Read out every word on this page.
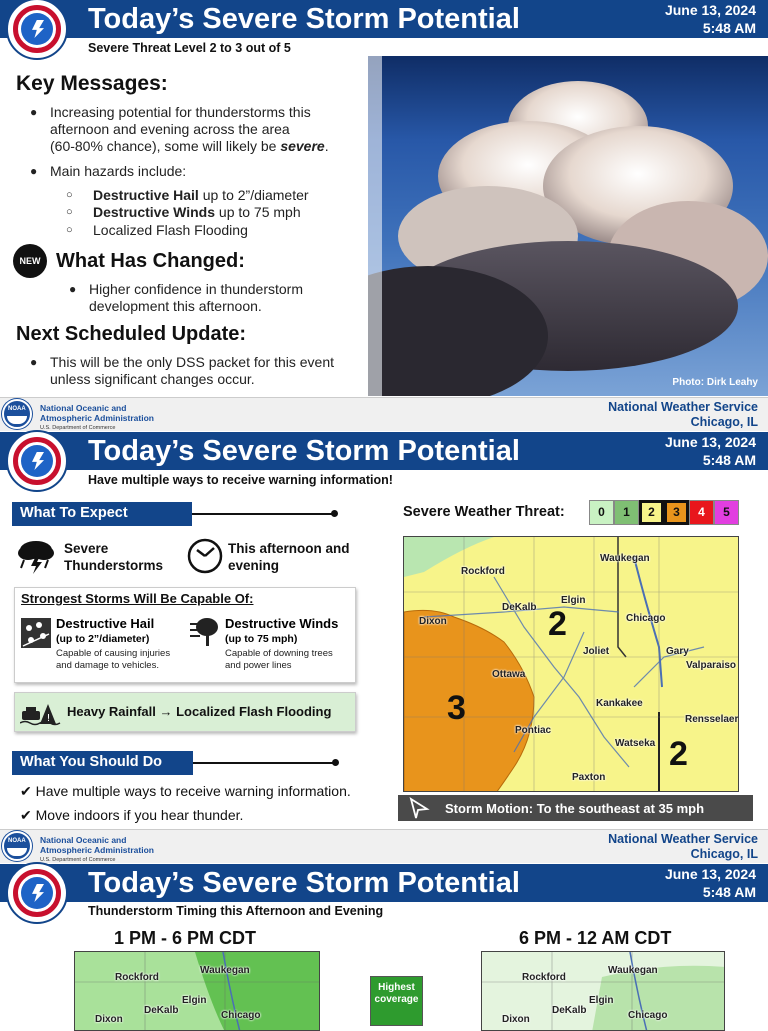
Today’s Severe Storm Potential	June 13, 2024
5:48 AM
Severe Threat Level 2 to 3 out of 5
Key Messages:
● Increasing potential for thunderstorms this
afternoon and evening across the area
(60-80% chance), some will likely be severe.
● Main hazards include:
○ Destructive Hail up to 2”/diameter
○ Destructive Winds up to 75 mph
○ Localized Flash Flooding
NEW What Has Changed:
● Higher confidence in thunderstorm
development this afternoon.
Next Scheduled Update:
● This will be the only DSS packet for this event
unless significant changes occur.	Photo: Dirk Leahy
NOAA National Oceanic and
Atmospheric Administration
U.S. Department of Commerce
National Weather Service
Chicago, IL
Today’s Severe Storm Potential	June 13, 2024
5:48 AM
Have multiple ways to receive warning information!
What To Expect
Severe
Thunderstorms
This afternoon and
evening
Strongest Storms Will Be Capable Of:
Destructive Hail
(up to 2”/diameter)
Capable of causing injuries
and damage to vehicles.
Destructive Winds
(up to 75 mph)
Capable of downing trees
and power lines
! Heavy Rainfall → Localized Flash Flooding
What You Should Do
✔ Have multiple ways to receive warning information.
✔ Move indoors if you hear thunder.
Severe Weather Threat:	0	1	2	3	4	5
Rockford
Waukegan
DeKalb
Elgin
Dixon	Chicago
Joliet	Gary
Valparaiso
Ottawa
Kankakee
Rensselaer
Pontiac
Watseka
Paxton
2
3
2
Storm Motion: To the southeast at 35 mph
NOAA National Oceanic and
Atmospheric Administration
U.S. Department of Commerce
National Weather Service
Chicago, IL
Today’s Severe Storm Potential	June 13, 2024
5:48 AM
Thunderstorm Timing this Afternoon and Evening
1 PM - 6 PM CDT	6 PM - 12 AM CDT
Rockford
Waukegan
Elgin
DeKalb	Chicago
Dixon
Highest coverage
Rockford
Waukegan
Elgin
DeKalb	Chicago
Dixon
